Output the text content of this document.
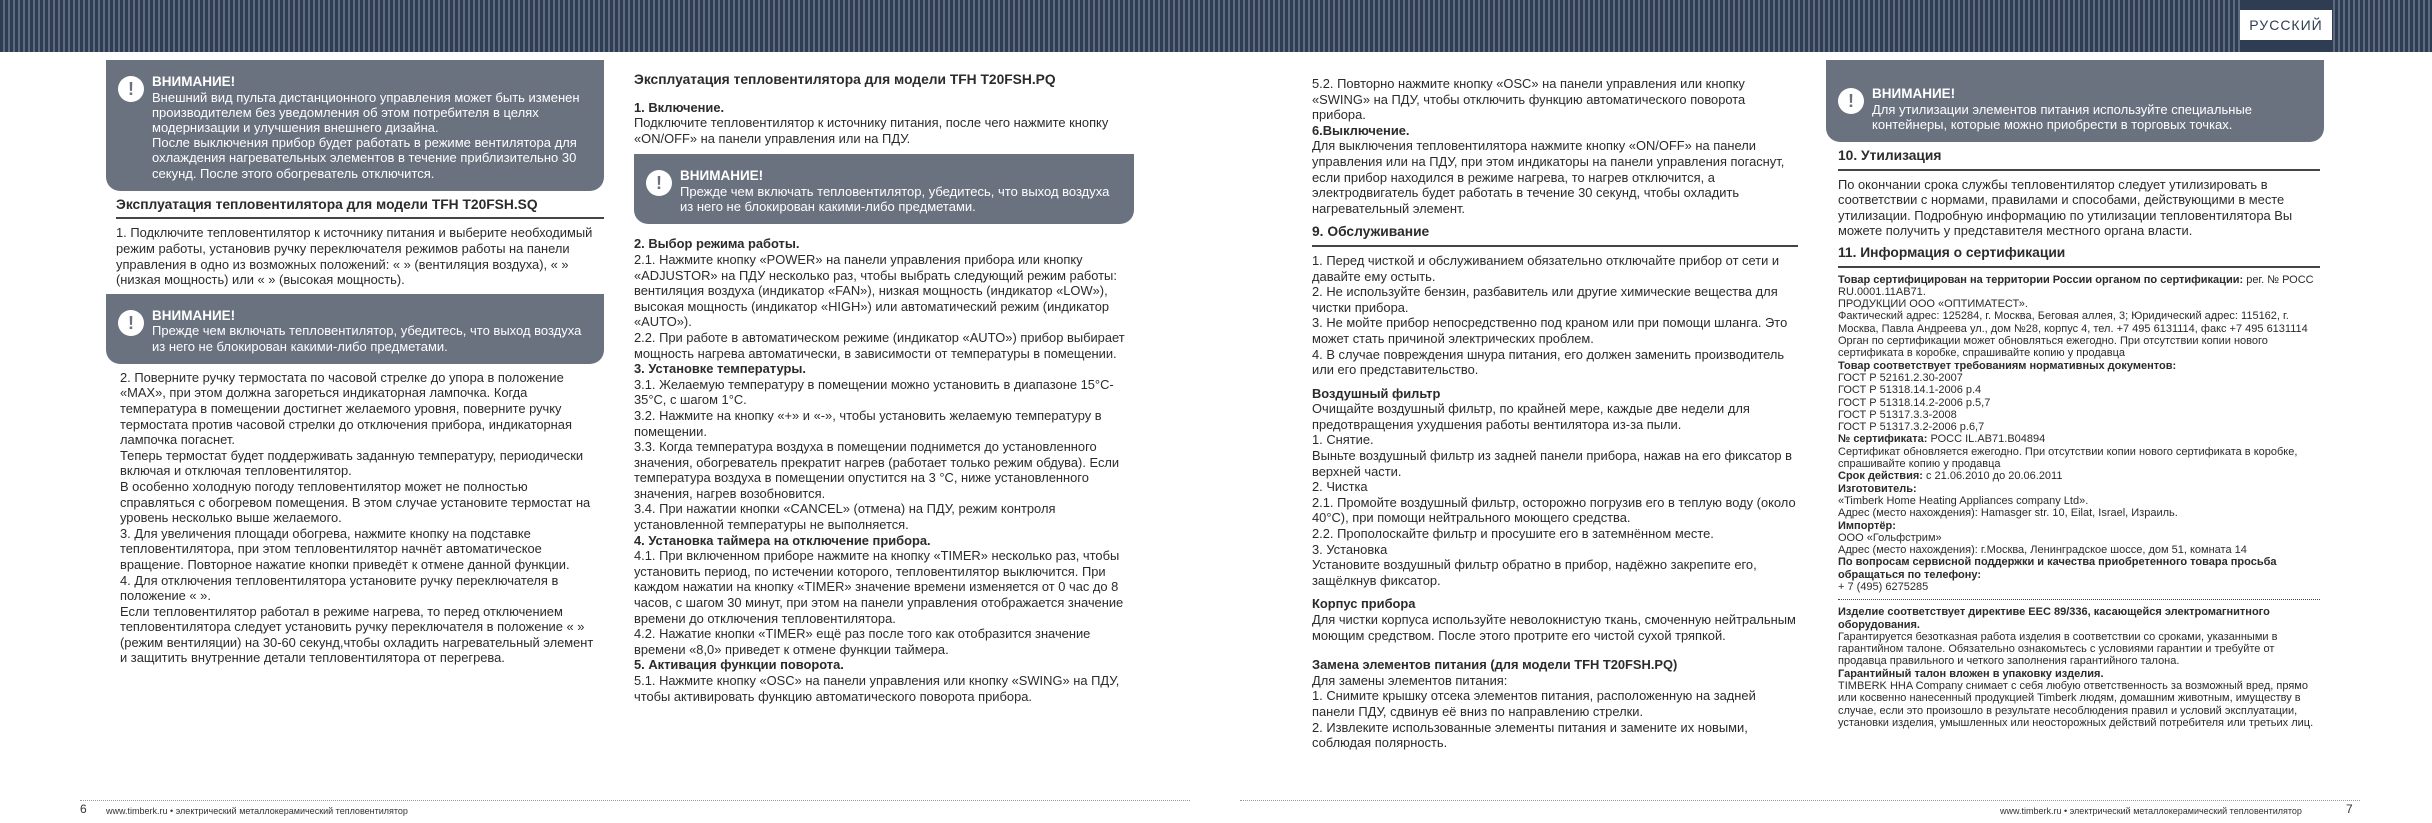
РУССКИЙ
!	ВНИМАНИЕ!

Внешний вид пульта дистанционного управления может быть изменен производителем без уведомления об этом потребителя в целях модернизации и улучшения внешнего дизайна.

После выключения прибор будет работать в режиме вентилятора для охлаждения нагревательных элементов в течение приблизительно 30 секунд. После этого обогреватель отключится.

Эксплуатация тепловентилятора для модели TFH T20FSH.SQ

1. Подключите тепловентилятор к источнику питания и выберите необходимый режим работы, установив ручку переключателя режимов работы на панели управления в одно из возможных положений: « » (вентиляция воздуха), « » (низкая мощность) или « » (высокая мощность).

!	ВНИМАНИЕ!

Прежде чем включать тепловентилятор, убедитесь, что выход воздуха из него не блокирован какими-либо предметами.

2. Поверните ручку термостата по часовой стрелке до упора в положение «MAX», при этом должна загореться индикаторная лампочка. Когда температура в помещении достигнет желаемого уровня, поверните ручку термостата против часовой стрелки до отключения прибора, индикаторная лампочка погаснет.

Теперь термостат будет поддерживать заданную температуру, периодически включая и отключая тепловентилятор.

В особенно холодную погоду тепловентилятор может не полностью справляться с обогревом помещения. В этом случае установите термостат на уровень несколько выше желаемого.

3. Для увеличения площади обогрева, нажмите кнопку на подставке тепловентилятора, при этом тепловентилятор начнёт автоматическое вращение. Повторное нажатие кнопки приведёт к отмене данной функции.

4. Для отключения тепловентилятора установите ручку переключателя в положение « ».

Если тепловентилятор работал в режиме нагрева, то перед отключением тепловентилятора следует установить ручку переключателя в положение « » (режим вентиляции) на 30-60 секунд,чтобы охладить нагревательный элемент и защитить внутренние детали тепловентилятора от перегрева.

Эксплуатация тепловентилятора для модели TFH T20FSH.PQ

1. Включение.

Подключите тепловентилятор к источнику питания, после чего нажмите кнопку «ON/OFF» на панели управления или на ПДУ.

!	ВНИМАНИЕ!

Прежде чем включать тепловентилятор, убедитесь, что выход воздуха из него не блокирован какими-либо предметами.

2. Выбор режима работы.

2.1. Нажмите кнопку «POWER» на панели управления прибора или кнопку «ADJUSTOR» на ПДУ несколько раз, чтобы выбрать следующий режим работы: вентиляция воздуха (индикатор «FAN»), низкая мощность (индикатор «LOW»), высокая мощность (индикатор «HIGH») или автоматический режим (индикатор «AUTO»).

2.2. При работе в автоматическом режиме (индикатор «AUTO») прибор выбирает мощность нагрева автоматически, в зависимости от температуры в помещении.

3. Установке температуры.

3.1. Желаемую температуру в помещении можно установить в диапазоне 15°C-35°C, с шагом 1°C.

3.2. Нажмите на кнопку «+» и «-», чтобы установить желаемую температуру в помещении.

3.3. Когда температура воздуха в помещении поднимется до установленного значения, обогреватель прекратит нагрев (работает только режим обдува). Если температура воздуха в помещении опустится на 3 °C, ниже установленного значения, нагрев возобновится.

3.4. При нажатии кнопки «CANCEL» (отмена) на ПДУ, режим контроля установленной температуры не выполняется.

4. Установка таймера на отключение прибора.

4.1. При включенном приборе нажмите на кнопку «TIMER» несколько раз, чтобы установить период, по истечении которого, тепловентилятор выключится. При каждом нажатии на кнопку «TIMER» значение времени изменяется от 0 час до 8 часов, с шагом 30 минут, при этом на панели управления отображается значение времени до отключения тепловентилятора.

4.2. Нажатие кнопки «TIMER» ещё раз после того как отобразится значение времени «8,0» приведет к отмене функции таймера.

5. Активация функции поворота.

5.1. Нажмите кнопку «OSC» на панели управления или кнопку «SWING» на ПДУ, чтобы активировать функцию автоматического поворота прибора.

5.2. Повторно нажмите кнопку «OSC» на панели управления или кнопку «SWING» на ПДУ, чтобы отключить функцию автоматического поворота прибора.

6.Выключение.

Для выключения тепловентилятора нажмите кнопку «ON/OFF» на панели управления или на ПДУ, при этом индикаторы на панели управления погаснут, если прибор находился в режиме нагрева, то нагрев отключится, а электродвигатель будет работать в течение 30 секунд, чтобы охладить нагревательный элемент.

9. Обслуживание

1. Перед чисткой и обслуживанием обязательно отключайте прибор от сети и давайте ему остыть.

2. Не используйте бензин, разбавитель или другие химические вещества для чистки прибора.

3. Не мойте прибор непосредственно под краном или при помощи шланга. Это может стать причиной электрических проблем.

4. В случае повреждения шнура питания, его должен заменить производитель или его представительство.

Воздушный фильтр

Очищайте воздушный фильтр, по крайней мере, каждые две недели для предотвращения ухудшения работы вентилятора из-за пыли.

1. Снятие.

Выньте воздушный фильтр из задней панели прибора, нажав на его фиксатор в верхней части.

2. Чистка

2.1. Промойте воздушный фильтр, осторожно погрузив его в теплую воду (около 40°C), при помощи нейтрального моющего средства.

2.2. Прополоскайте фильтр и просушите его в затемнённом месте.

3. Установка

Установите воздушный фильтр обратно в прибор, надёжно закрепите его, защёлкнув фиксатор.

Корпус прибора

Для чистки корпуса используйте неволокнистую ткань, смоченную нейтральным моющим средством. После этого протрите его чистой сухой тряпкой.

Замена элементов питания (для модели TFH T20FSH.PQ)

Для замены элементов питания:

1. Снимите крышку отсека элементов питания, расположенную на задней панели ПДУ, сдвинув её вниз по направлению стрелки.

2. Извлеките использованные элементы питания и замените их новыми, соблюдая полярность.

!	ВНИМАНИЕ!

Для утилизации элементов питания используйте специальные контейнеры, которые можно приобрести в торговых точках.

10. Утилизация

По окончании срока службы тепловентилятор следует утилизировать в соответствии с нормами, правилами и способами, действующими в месте утилизации. Подробную информацию по утилизации тепловентилятора Вы можете получить у представителя местного органа власти.

11. Информация о сертификации

Товар сертифицирован на территории России органом по сертификации: рег. № РОСС RU.0001.11АВ71.

ПРОДУКЦИИ ООО «ОПТИМАТЕСТ».

Фактический адрес: 125284, г. Москва, Беговая аллея, 3; Юридический адрес: 115162, г. Москва, Павла Андреева ул., дом №28, корпус 4, тел. +7 495 6131114, факс +7 495 6131114

Орган по сертификации может обновляться ежегодно. При отсутствии копии нового сертификата в коробке, спрашивайте копию у продавца

Товар соответствует требованиям нормативных документов:

ГОСТ Р 52161.2.30-2007

ГОСТ Р 51318.14.1-2006 р.4

ГОСТ Р 51318.14.2-2006 р.5,7

ГОСТ Р 51317.3.3-2008

ГОСТ Р 51317.3.2-2006 р.6,7

№ сертификата: РОСС IL.АВ71.В04894

Сертификат обновляется ежегодно. При отсутствии копии нового сертификата в коробке, спрашивайте копию у продавца

Срок действия: с 21.06.2010 до 20.06.2011

Изготовитель:

«Timberk Home Heating Appliances company Ltd».

Адрес (место нахождения): Hamasger str. 10, Eilat, Israel, Израиль.

Импортёр:

ООО «Гольфстрим»

Адрес (место нахождения): г.Москва, Ленинградское шоссе, дом 51, комната 14

По вопросам сервисной поддержки и качества приобретенного товара просьба обращаться по телефону:

+ 7 (495) 6275285

Изделие соответствует директиве ЕЕС 89/336, касающейся электромагнитного оборудования.

Гарантируется безотказная работа изделия в соответствии со сроками, указанными в гарантийном талоне. Обязательно ознакомьтесь с условиями гарантии и требуйте от продавца правильного и четкого заполнения гарантийного талона.

Гарантийный талон вложен в упаковку изделия.

TIMBERK HHA Company снимает с себя любую ответственность за возможный вред, прямо или косвенно нанесенный продукцией Timberk людям, домашним животным, имуществу в случае, если это произошло в результате несоблюдения правил и условий эксплуатации, установки изделия, умышленных или неосторожных действий потребителя или третьих лиц.

6 www.timberk.ru • электрический металлокерамический тепловентилятор	www.timberk.ru • электрический металлокерамический тепловентилятор	7
